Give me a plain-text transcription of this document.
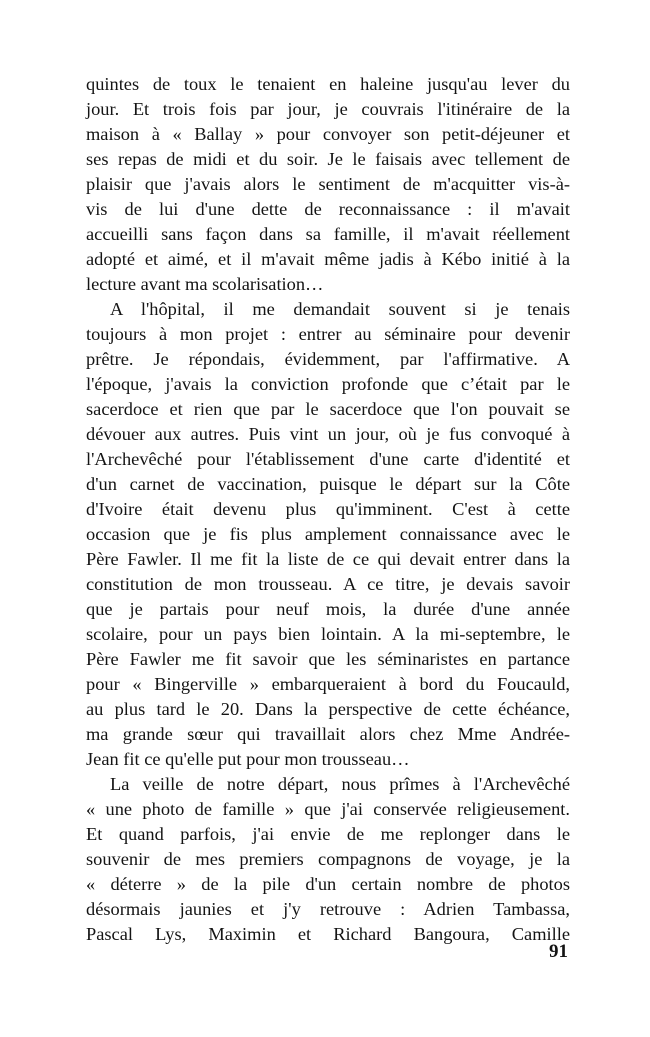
quintes de toux le tenaient en haleine jusqu'au lever du
jour. Et trois fois par jour, je couvrais l'itinéraire de la
maison à « Ballay » pour convoyer son petit-déjeuner et
ses repas de midi et du soir. Je le faisais avec tellement de
plaisir que j'avais alors le sentiment de m'acquitter vis-à-
vis de lui d'une dette de reconnaissance : il m'avait
accueilli sans façon dans sa famille, il m'avait réellement
adopté et aimé, et il m'avait même jadis à Kébo initié à la
lecture avant ma scolarisation…
A l'hôpital, il me demandait souvent si je tenais
toujours à mon projet : entrer au séminaire pour devenir
prêtre. Je répondais, évidemment, par l'affirmative. A
l'époque, j'avais la conviction profonde que c’était par le
sacerdoce et rien que par le sacerdoce que l'on pouvait se
dévouer aux autres. Puis vint un jour, où je fus convoqué à
l'Archevêché pour l'établissement d'une carte d'identité et
d'un carnet de vaccination, puisque le départ sur la Côte
d'Ivoire était devenu plus qu'imminent. C'est à cette
occasion que je fis plus amplement connaissance avec le
Père Fawler. Il me fit la liste de ce qui devait entrer dans la
constitution de mon trousseau. A ce titre, je devais savoir
que je partais pour neuf mois, la durée d'une année
scolaire, pour un pays bien lointain. A la mi-septembre, le
Père Fawler me fit savoir que les séminaristes en partance
pour « Bingerville » embarqueraient à bord du Foucauld,
au plus tard le 20. Dans la perspective de cette échéance,
ma grande sœur qui travaillait alors chez Mme Andrée-
Jean fit ce qu'elle put pour mon trousseau…
La veille de notre départ, nous prîmes à l'Archevêché
« une photo de famille » que j'ai conservée religieusement.
Et quand parfois, j'ai envie de me replonger dans le
souvenir de mes premiers compagnons de voyage, je la
« déterre » de la pile d'un certain nombre de photos
désormais jaunies et j'y retrouve : Adrien Tambassa,
Pascal Lys, Maximin et Richard Bangoura, Camille
91
